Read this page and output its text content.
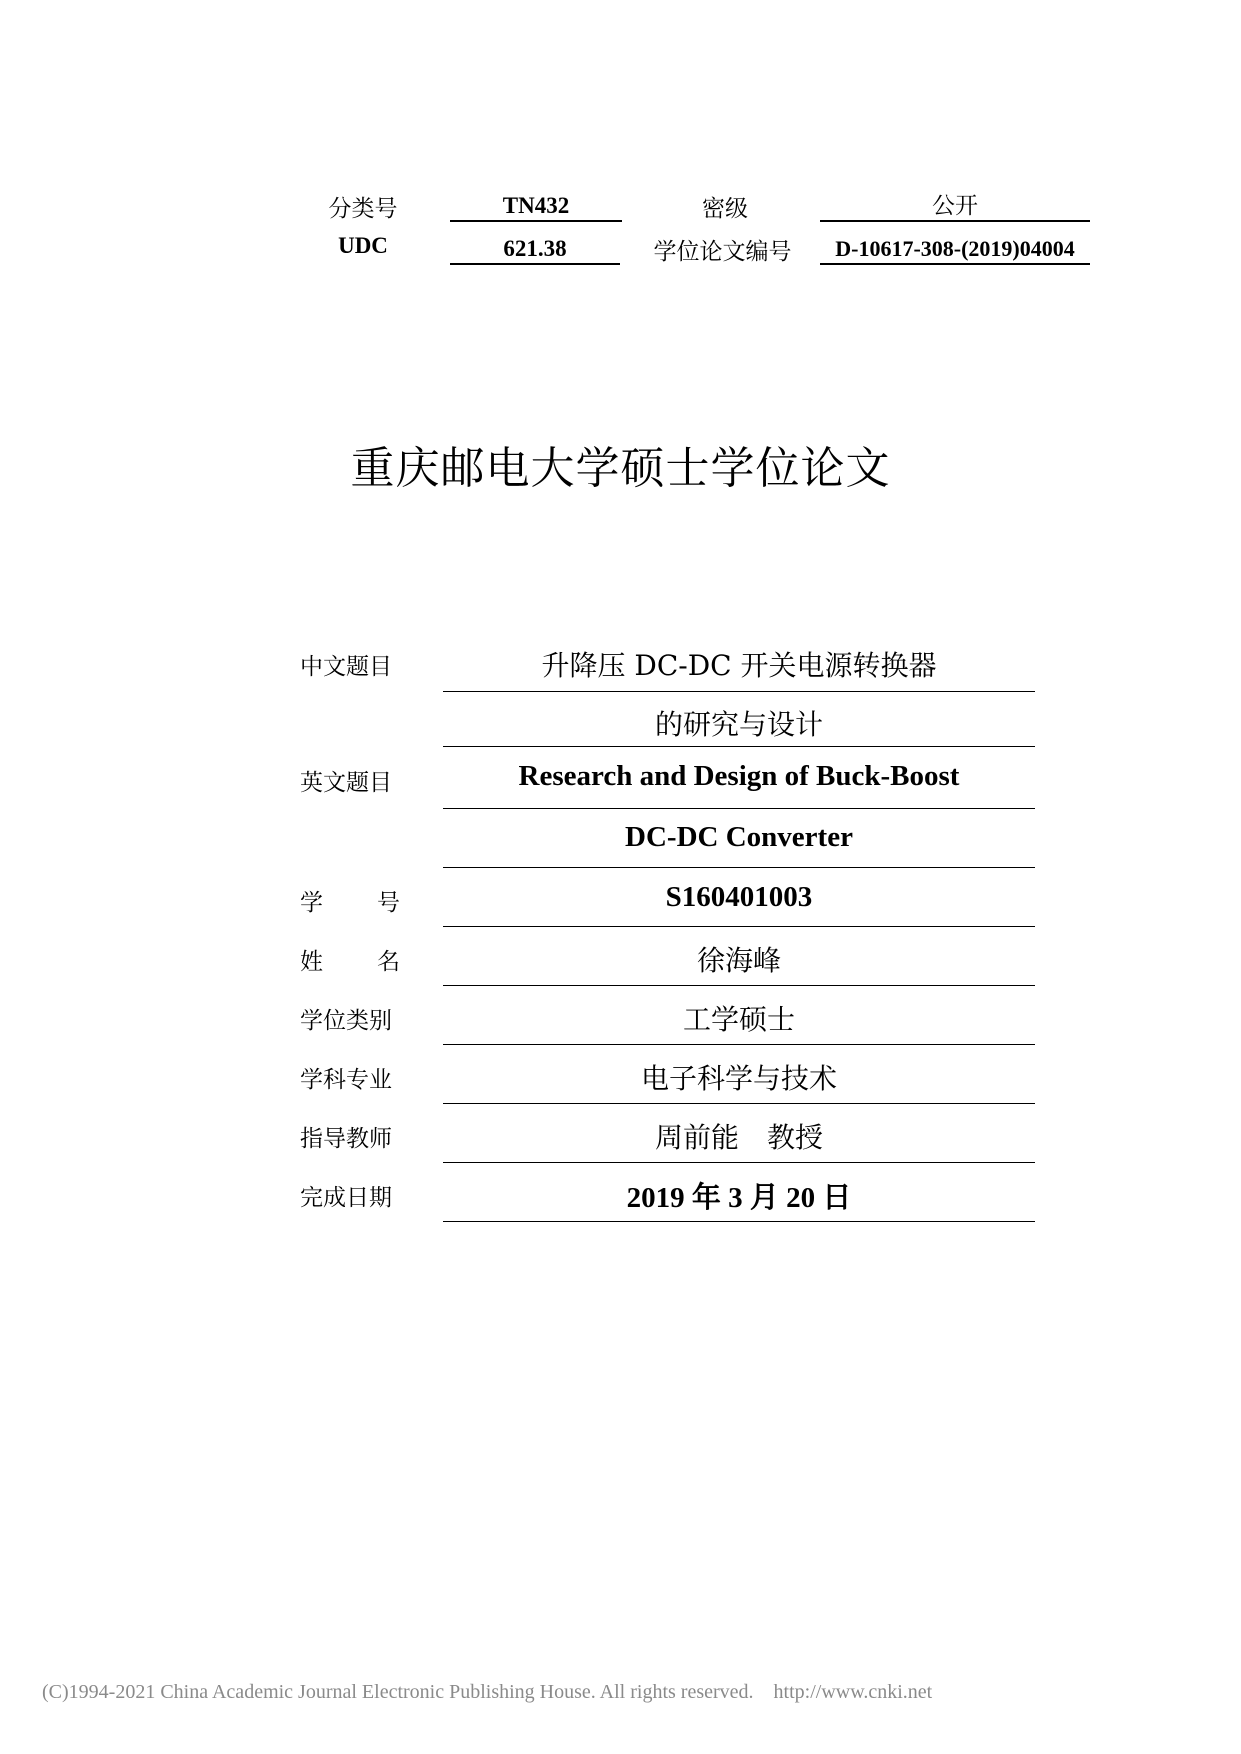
分类号	TN432	密级	公开
UDC	621.38	学位论文编号	D-10617-308-(2019)04004
重庆邮电大学硕士学位论文
中文题目	升降压 DC-DC 开关电源转换器
的研究与设计
英文题目	Research and Design of Buck-Boost
DC-DC Converter
学 号	S160401003
姓 名	徐海峰
学位类别	工学硕士
学科专业	电子科学与技术
指导教师	周前能　教授
完成日期	2019 年 3 月 20 日
(C)1994-2021 China Academic Journal Electronic Publishing House. All rights reserved.    http://www.cnki.net
